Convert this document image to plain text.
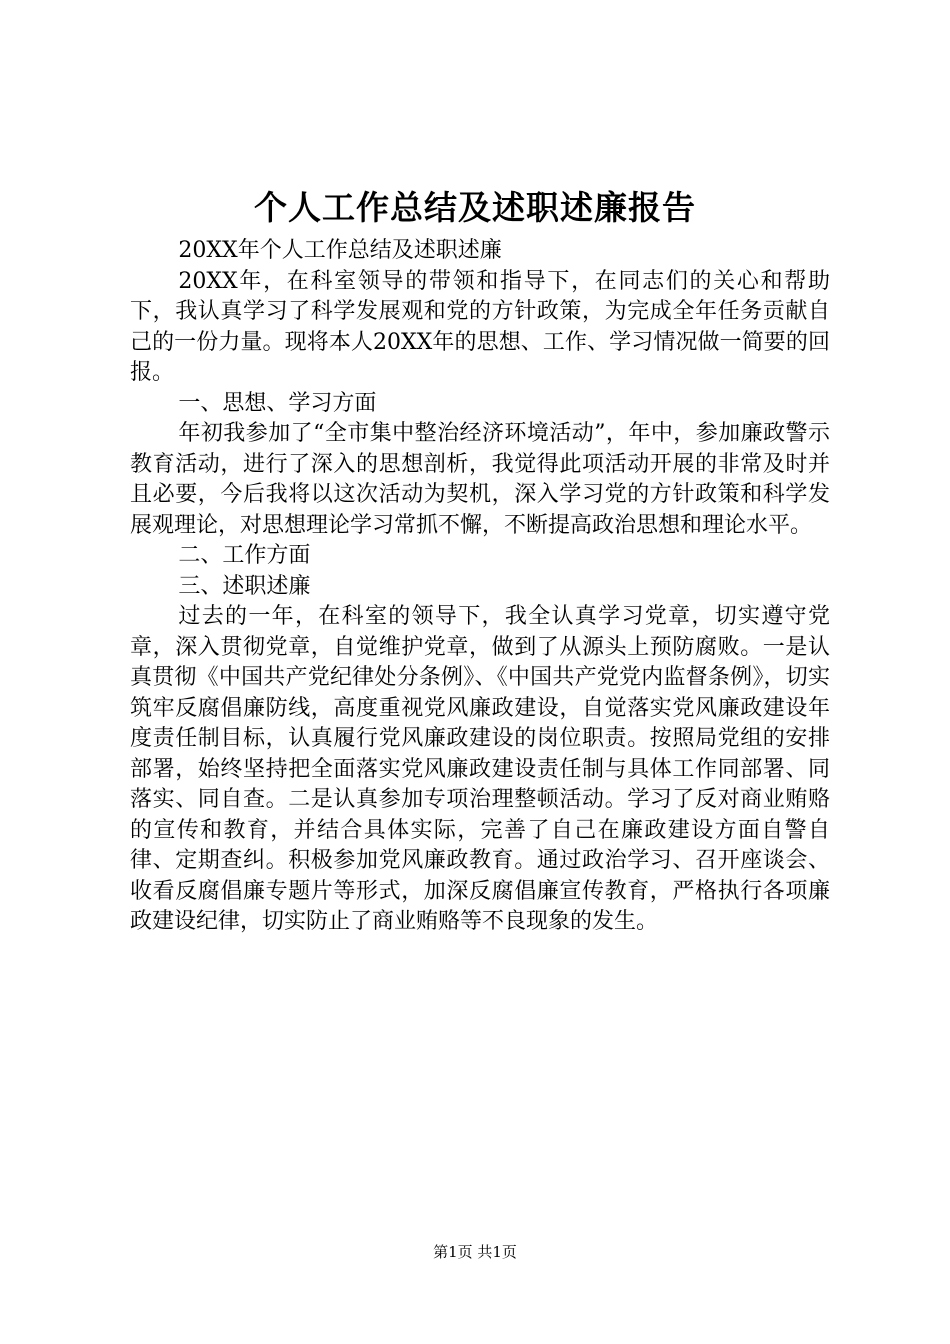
个人工作总结及述职述廉报告

20XX年个人工作总结及述职述廉

20XX年，在科室领导的带领和指导下，在同志们的关心和帮助下，我认真学习了科学发展观和党的方针政策，为完成全年任务贡献自己的一份力量。现将本人20XX年的思想、工作、学习情况做一简要的回报。

一、思想、学习方面

年初我参加了“全市集中整治经济环境活动”，年中，参加廉政警示教育活动，进行了深入的思想剖析，我觉得此项活动开展的非常及时并且必要，今后我将以这次活动为契机，深入学习党的方针政策和科学发展观理论，对思想理论学习常抓不懈，不断提高政治思想和理论水平。

二、工作方面

三、述职述廉

过去的一年，在科室的领导下，我全认真学习党章，切实遵守党章，深入贯彻党章，自觉维护党章，做到了从源头上预防腐败。一是认真贯彻《中国共产党纪律处分条例》、《中国共产党党内监督条例》，切实筑牢反腐倡廉防线，高度重视党风廉政建设，自觉落实党风廉政建设年度责任制目标，认真履行党风廉政建设的岗位职责。按照局党组的安排部署，始终坚持把全面落实党风廉政建设责任制与具体工作同部署、同落实、同自查。二是认真参加专项治理整顿活动。学习了反对商业贿赂的宣传和教育，并结合具体实际，完善了自己在廉政建设方面自警自律、定期查纠。积极参加党风廉政教育。通过政治学习、召开座谈会、收看反腐倡廉专题片等形式，加深反腐倡廉宣传教育，严格执行各项廉政建设纪律，切实防止了商业贿赂等不良现象的发生。

第1页 共1页
